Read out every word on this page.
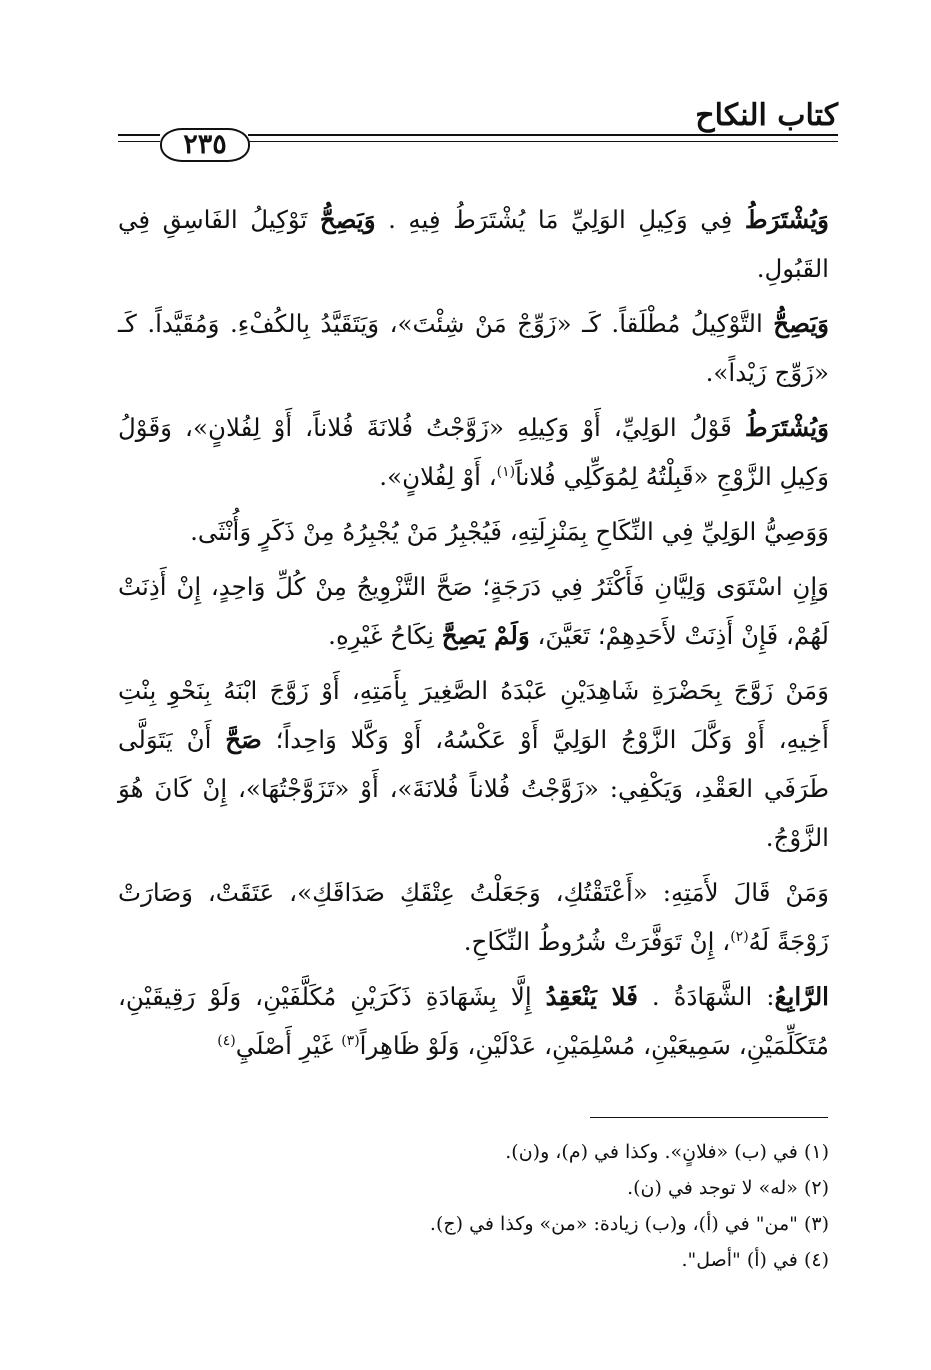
كتاب النكاح
٢٣٥

وَيُشْتَرَطُ فِي وَكِيلِ الوَلِيِّ مَا يُشْتَرَطُ فِيهِ . وَيَصِحُّ تَوْكِيلُ الفَاسِقِ فِي القَبُولِ.

وَيَصِحُّ التَّوْكِيلُ مُطْلَقاً. كَـ «زَوِّجْ مَنْ شِئْتَ»، وَيَتَقَيَّدُ بِالكُفْءِ. وَمُقَيَّداً. كَـ «زَوِّج زَيْداً».

وَيُشْتَرَطُ قَوْلُ الوَلِيِّ، أَوْ وَكِيلِهِ «زَوَّجْتُ فُلانَةَ فُلاناً، أَوْ لِفُلانٍ»، وَقَوْلُ وَكِيلِ الزَّوْجِ «قَبِلْتُهُ لِمُوَكِّلِي فُلاناً$^{(١)}$، أَوْ لِفُلانٍ».

وَوَصِيُّ الوَلِيِّ فِي النِّكَاحِ بِمَنْزِلَتِهِ، فَيُجْبِرُ مَنْ يُجْبِرُهُ مِنْ ذَكَرٍ وَأُنْثَى.

وَإِنِ اسْتَوَى وَلِيَّانِ فَأَكْثَرُ فِي دَرَجَةٍ؛ صَحَّ التَّزْوِيجُ مِنْ كُلِّ وَاحِدٍ، إِنْ أَذِنَتْ لَهُمْ، فَإِنْ أَذِنَتْ لأَحَدِهِمْ؛ تَعَيَّنَ، وَلَمْ يَصِحَّ نِكَاحُ غَيْرِهِ.

وَمَنْ زَوَّجَ بِحَضْرَةِ شَاهِدَيْنِ عَبْدَهُ الصَّغِيرَ بِأَمَتِهِ، أَوْ زَوَّجَ ابْنَهُ بِنَحْوِ بِنْتِ أَخِيهِ، أَوْ وَكَّلَ الزَّوْجُ الوَلِيَّ أَوْ عَكْسُهُ، أَوْ وَكَّلا وَاحِداً؛ صَحَّ أَنْ يَتَوَلَّى طَرَفَي العَقْدِ، وَيَكْفِي: «زَوَّجْتُ فُلاناً فُلانَةَ»، أَوْ «تَزَوَّجْتُهَا»، إِنْ كَانَ هُوَ الزَّوْجُ.

وَمَنْ قَالَ لأَمَتِهِ: «أَعْتَقْتُكِ، وَجَعَلْتُ عِتْقَكِ صَدَاقَكِ»، عَتَقَتْ، وَصَارَتْ زَوْجَةً لَهُ$^{(٢)}$، إِنْ تَوَفَّرَتْ شُرُوطُ النِّكَاحِ.

الرَّابِعُ: الشَّهَادَةُ . فَلا يَنْعَقِدُ إِلَّا بِشَهَادَةِ ذَكَرَيْنِ مُكَلَّفَيْنِ، وَلَوْ رَقِيقَيْنِ، مُتَكَلِّمَيْنِ، سَمِيعَيْنِ، مُسْلِمَيْنِ، عَدْلَيْنِ، وَلَوْ ظَاهِراً$^{(٣)}$ غَيْرِ أَصْلَيِ$^{(٤)}$

(١) في (ب) «فلانٍ». وكذا في (م)، و(ن).
(٢) «له» لا توجد في (ن).
(٣) "من" في (أ)، و(ب) زيادة: «من» وكذا في (ج).
(٤) في (أ) "أصل".
